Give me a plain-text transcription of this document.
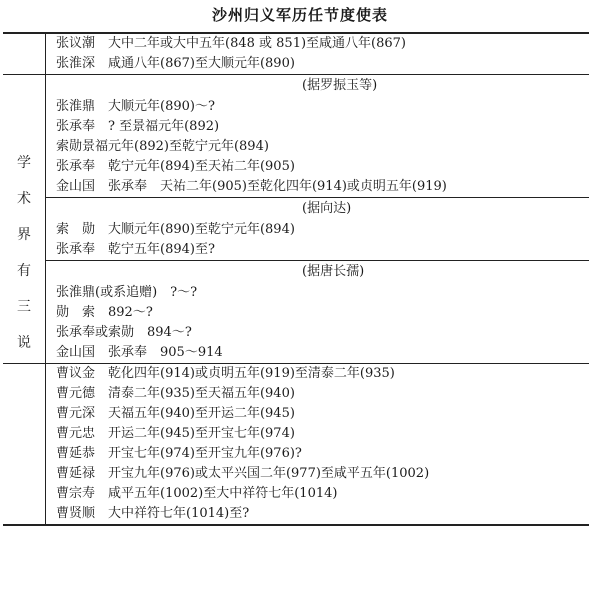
沙州归义军历任节度使表
张议潮　大中二年或大中五年(848 或 851)至咸通八年(867)
张淮深　咸通八年(867)至大顺元年(890)
学
术
界
有
三
说
(据罗振玉等)
张淮鼎　大顺元年(890)～?
张承奉　? 至景福元年(892)
索勋景福元年(892)至乾宁元年(894)
张承奉　乾宁元年(894)至天祐二年(905)
金山国　张承奉　天祐二年(905)至乾化四年(914)或贞明五年(919)
(据向达)
索　勋　大顺元年(890)至乾宁元年(894)
张承奉　乾宁五年(894)至?
(据唐长孺)
张淮鼎(或系追赠)　?～?
勋　索　892～?
张承奉或索勋　894～?
金山国　张承奉　905～914
曹议金　乾化四年(914)或贞明五年(919)至清泰二年(935)
曹元德　清泰二年(935)至天福五年(940)
曹元深　天福五年(940)至开运二年(945)
曹元忠　开运二年(945)至开宝七年(974)
曹延恭　开宝七年(974)至开宝九年(976)?
曹延禄　开宝九年(976)或太平兴国二年(977)至咸平五年(1002)
曹宗寿　咸平五年(1002)至大中祥符七年(1014)
曹贤顺　大中祥符七年(1014)至?
